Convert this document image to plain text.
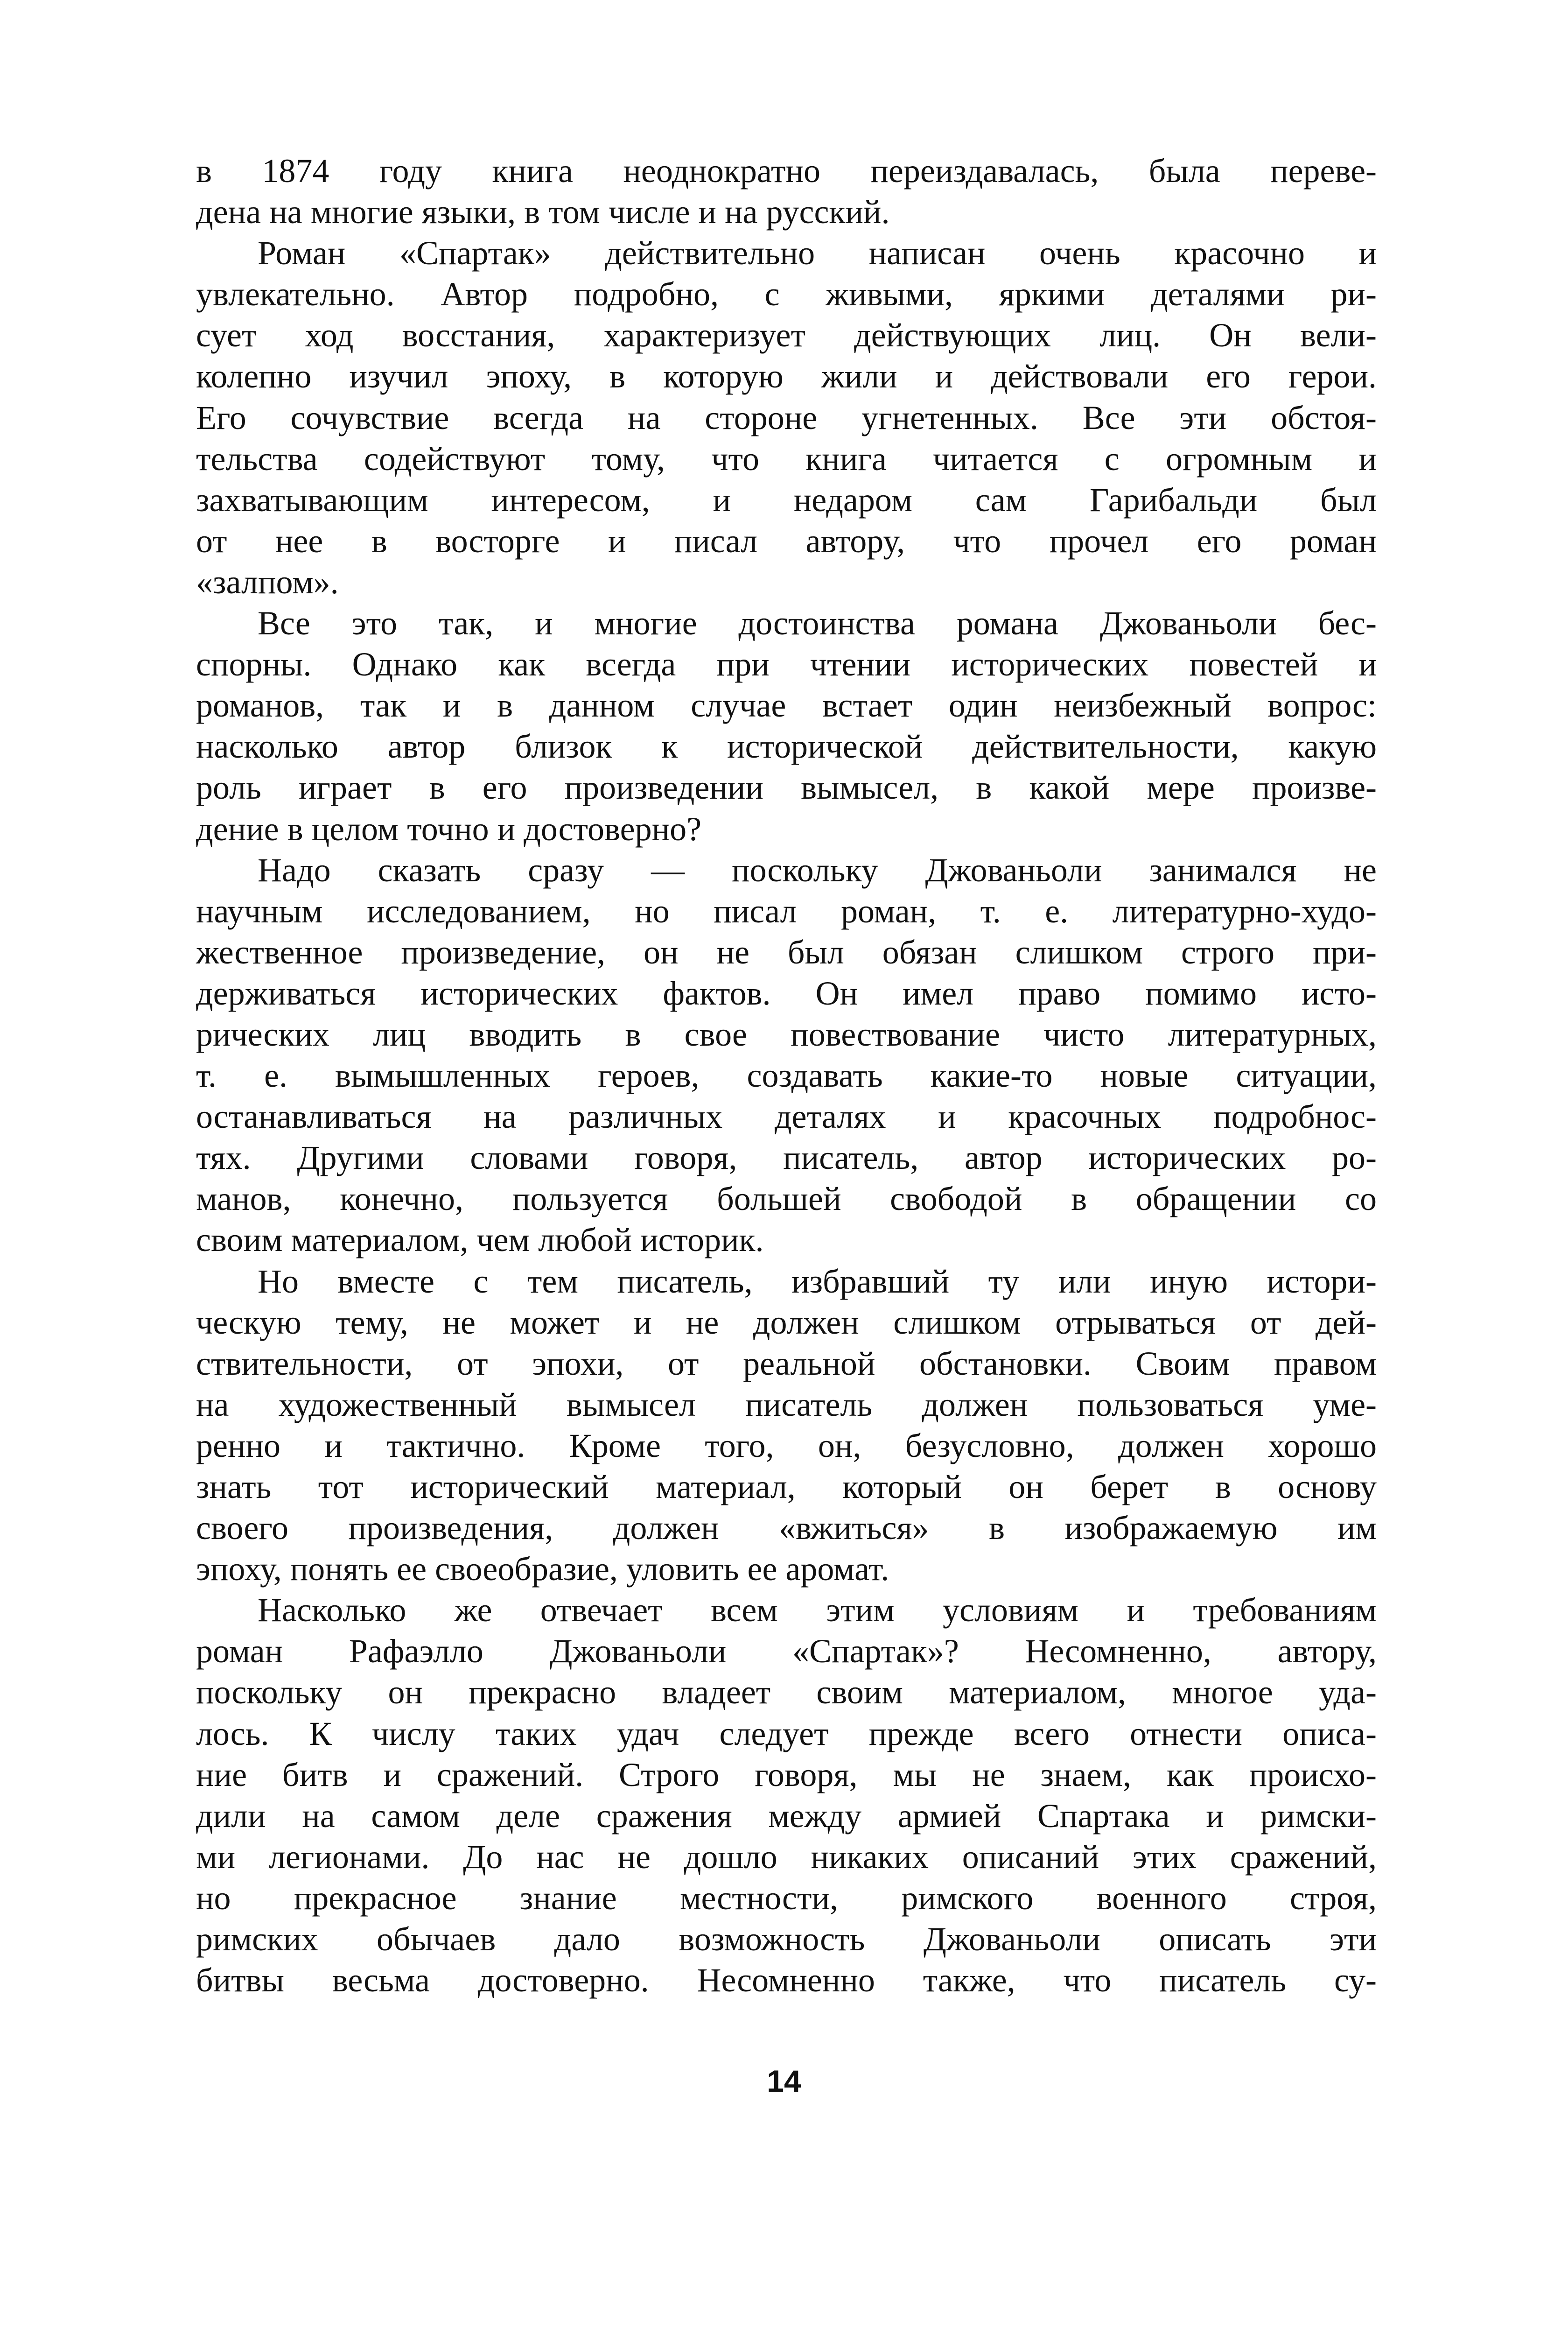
в 1874 году книга неоднократно переиздавалась, была переве-
дена на многие языки, в том числе и на русский.
Роман «Спартак» действительно написан очень красочно и
увлекательно. Автор подробно, с живыми, яркими деталями ри-
сует ход восстания, характеризует действующих лиц. Он вели-
колепно изучил эпоху, в которую жили и действовали его герои.
Его сочувствие всегда на стороне угнетенных. Все эти обстоя-
тельства содействуют тому, что книга читается с огромным и
захватывающим интересом, и недаром сам Гарибальди был
от нее в восторге и писал автору, что прочел его роман
«залпом».
Все это так, и многие достоинства романа Джованьоли бес-
спорны. Однако как всегда при чтении исторических повестей и
романов, так и в данном случае встает один неизбежный вопрос:
насколько автор близок к исторической действительности, какую
роль играет в его произведении вымысел, в какой мере произве-
дение в целом точно и достоверно?
Надо сказать сразу — поскольку Джованьоли занимался не
научным исследованием, но писал роман, т. е. литературно-худо-
жественное произведение, он не был обязан слишком строго при-
держиваться исторических фактов. Он имел право помимо исто-
рических лиц вводить в свое повествование чисто литературных,
т. е. вымышленных героев, создавать какие-то новые ситуации,
останавливаться на различных деталях и красочных подробнос-
тях. Другими словами говоря, писатель, автор исторических ро-
манов, конечно, пользуется большей свободой в обращении со
своим материалом, чем любой историк.
Но вместе с тем писатель, избравший ту или иную истори-
ческую тему, не может и не должен слишком отрываться от дей-
ствительности, от эпохи, от реальной обстановки. Своим правом
на художественный вымысел писатель должен пользоваться уме-
ренно и тактично. Кроме того, он, безусловно, должен хорошо
знать тот исторический материал, который он берет в основу
своего произведения, должен «вжиться» в изображаемую им
эпоху, понять ее своеобразие, уловить ее аромат.
Насколько же отвечает всем этим условиям и требованиям
роман Рафаэлло Джованьоли «Спартак»? Несомненно, автору,
поскольку он прекрасно владеет своим материалом, многое уда-
лось. К числу таких удач следует прежде всего отнести описа-
ние битв и сражений. Строго говоря, мы не знаем, как происхо-
дили на самом деле сражения между армией Спартака и римски-
ми легионами. До нас не дошло никаких описаний этих сражений,
но прекрасное знание местности, римского военного строя,
римских обычаев дало возможность Джованьоли описать эти
битвы весьма достоверно. Несомненно также, что писатель су-
14
